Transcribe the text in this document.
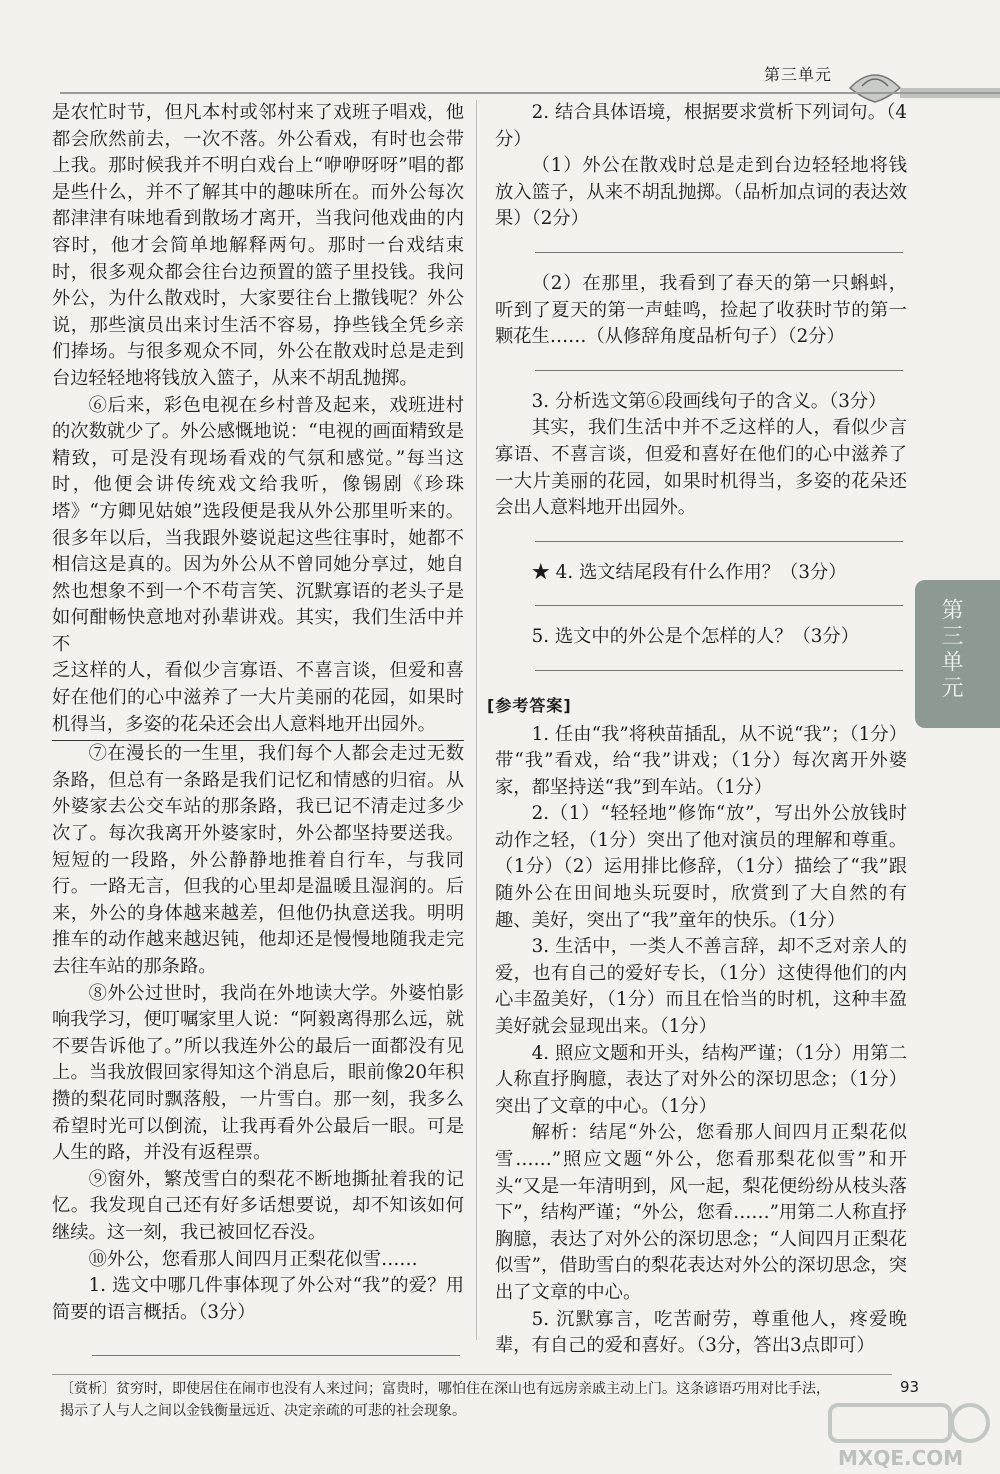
第三单元

是农忙时节，但凡本村或邻村来了戏班子唱戏，他都会欣然前去，一次不落。外公看戏，有时也会带上我。那时候我并不明白戏台上“咿咿呀呀”唱的都是些什么，并不了解其中的趣味所在。而外公每次都津津有味地看到散场才离开，当我问他戏曲的内容时，他才会简单地解释两句。那时一台戏结束时，很多观众都会往台边预置的篮子里投钱。我问外公，为什么散戏时，大家要往台上撒钱呢？外公说，那些演员出来讨生活不容易，挣些钱全凭乡亲们捧场。与很多观众不同，外公在散戏时总是走到台边轻轻地将钱放入篮子，从来不胡乱抛掷。

⑥后来，彩色电视在乡村普及起来，戏班进村的次数就少了。外公感慨地说：“电视的画面精致是精致，可是没有现场看戏的气氛和感觉。”每当这时，他便会讲传统戏文给我听，像锡剧《珍珠塔》“方卿见姑娘”选段便是我从外公那里听来的。很多年以后，当我跟外婆说起这些往事时，她都不相信这是真的。因为外公从不曾同她分享过，她自然也想象不到一个不苟言笑、沉默寡语的老头子是如何酣畅快意地对孙辈讲戏。其实，我们生活中并不

乏这样的人，看似少言寡语、不喜言谈，但爱和喜好在他们的心中滋养了一大片美丽的花园，如果时机得当，多姿的花朵还会出人意料地开出园外。

⑦在漫长的一生里，我们每个人都会走过无数条路，但总有一条路是我们记忆和情感的归宿。从外婆家去公交车站的那条路，我已记不清走过多少次了。每次我离开外婆家时，外公都坚持要送我。短短的一段路，外公静静地推着自行车，与我同行。一路无言，但我的心里却是温暖且湿润的。后来，外公的身体越来越差，但他仍执意送我。明明推车的动作越来越迟钝，他却还是慢慢地随我走完去往车站的那条路。

⑧外公过世时，我尚在外地读大学。外婆怕影响我学习，便叮嘱家里人说：“阿毅离得那么远，就不要告诉他了。”所以我连外公的最后一面都没有见上。当我放假回家得知这个消息后，眼前像20年积攒的梨花同时飘落般，一片雪白。那一刻，我多么希望时光可以倒流，让我再看外公最后一眼。可是人生的路，并没有返程票。

⑨窗外，繁茂雪白的梨花不断地撕扯着我的记忆。我发现自己还有好多话想要说，却不知该如何继续。这一刻，我已被回忆吞没。

⑩外公，您看那人间四月正梨花似雪……

1. 选文中哪几件事体现了外公对“我”的爱？用简要的语言概括。（3分）

2. 结合具体语境，根据要求赏析下列词句。（4分）

（1）外公在散戏时总是走到台边轻轻地将钱放入篮子，从来不胡乱抛掷。（品析加点词的表达效果）（2分）

（2）在那里，我看到了春天的第一只蝌蚪，听到了夏天的第一声蛙鸣，捡起了收获时节的第一颗花生……（从修辞角度品析句子）（2分）

3. 分析选文第⑥段画线句子的含义。（3分）

其实，我们生活中并不乏这样的人，看似少言寡语、不喜言谈，但爱和喜好在他们的心中滋养了一大片美丽的花园，如果时机得当，多姿的花朵还会出人意料地开出园外。

★ 4. 选文结尾段有什么作用？（3分）

5. 选文中的外公是个怎样的人？（3分）

[参考答案]

1. 任由“我”将秧苗插乱，从不说“我”；（1分）带“我”看戏，给“我”讲戏；（1分）每次离开外婆家，都坚持送“我”到车站。（1分）

2.（1）“轻轻地”修饰“放”，写出外公放钱时动作之轻，（1分）突出了他对演员的理解和尊重。（1分）（2）运用排比修辞，（1分）描绘了“我”跟随外公在田间地头玩耍时，欣赏到了大自然的有趣、美好，突出了“我”童年的快乐。（1分）

3. 生活中，一类人不善言辞，却不乏对亲人的爱，也有自己的爱好专长，（1分）这使得他们的内心丰盈美好，（1分）而且在恰当的时机，这种丰盈美好就会显现出来。（1分）

4. 照应文题和开头，结构严谨；（1分）用第二人称直抒胸臆，表达了对外公的深切思念；（1分）突出了文章的中心。（1分）

解析：结尾“外公，您看那人间四月正梨花似雪……”照应文题“外公，您看那梨花似雪”和开头“又是一年清明到，风一起，梨花便纷纷从枝头落下”，结构严谨；“外公，您看……”用第二人称直抒胸臆，表达了对外公的深切思念；“人间四月正梨花似雪”，借助雪白的梨花表达对外公的深切思念，突出了文章的中心。

5. 沉默寡言，吃苦耐劳，尊重他人，疼爱晚辈，有自己的爱和喜好。（3分，答出3点即可）

第三单元
〔赏析〕贫穷时，即使居住在闹市也没有人来过问；富贵时，哪怕住在深山也有远房亲戚主动上门。这条谚语巧用对比手法，揭示了人与人之间以金钱衡量远近、决定亲疏的可悲的社会现象。
93
MXQE.COM
